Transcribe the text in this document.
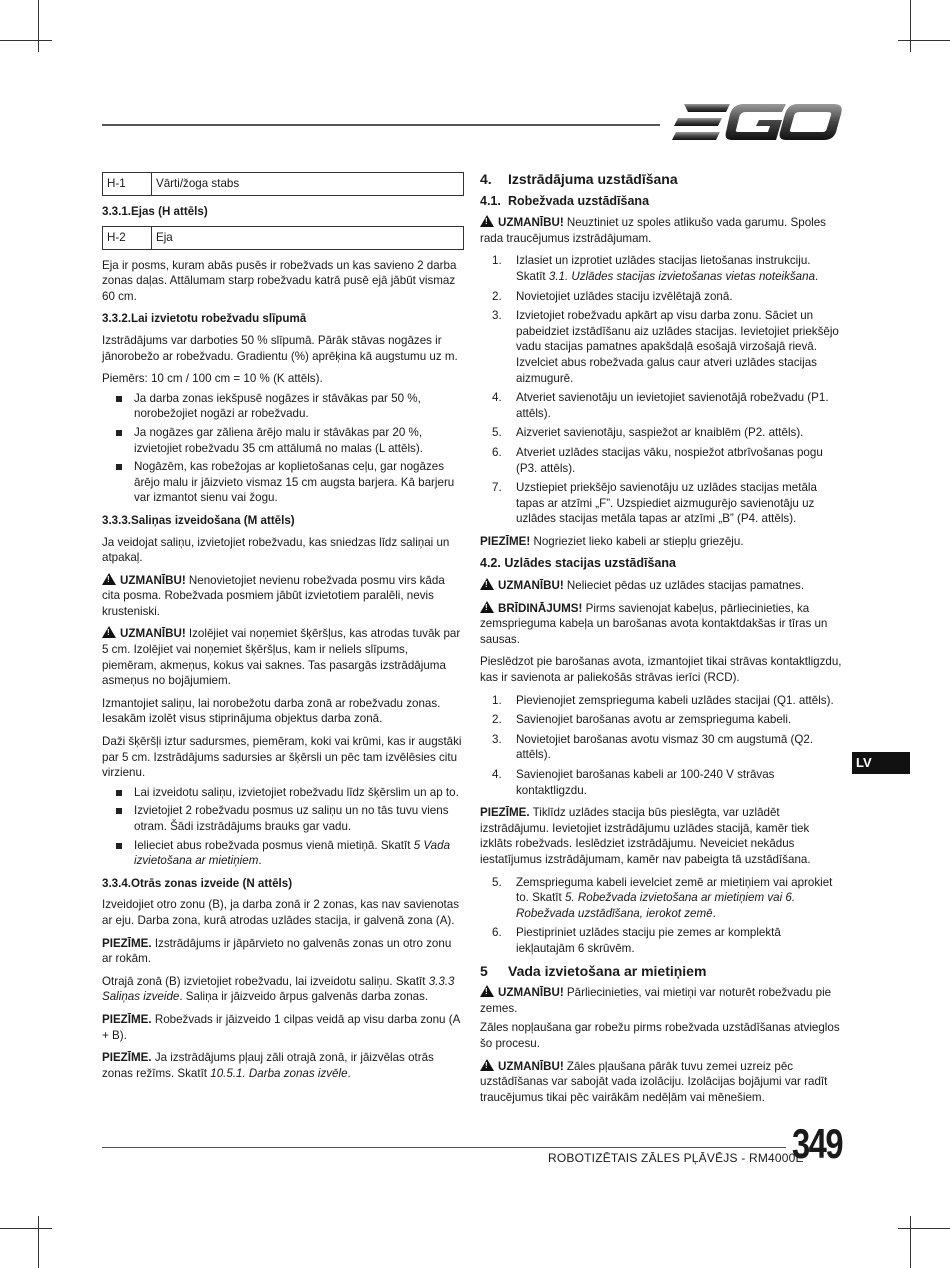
H-1	Vārti/žoga stabs
3.3.1.Ejas (H attēls)
H-2	Eja

Eja ir posms, kuram abās pusēs ir robežvads un kas savieno 2 darba zonas daļas. Attālumam starp robežvadu katrā pusē ejā jābūt vismaz 60 cm.

3.3.2.Lai izvietotu robežvadu slīpumā

Izstrādājums var darboties 50 % slīpumā. Pārāk stāvas nogāzes ir jānorobežo ar robežvadu. Gradientu (%) aprēķina kā augstumu uz m.

Piemērs: 10 cm / 100 cm = 10 % (K attēls).

Ja darba zonas iekšpusē nogāzes ir stāvākas par 50 %, norobežojiet nogāzi ar robežvadu.
Ja nogāzes gar zāliena ārējo malu ir stāvākas par 20 %, izvietojiet robežvadu 35 cm attālumā no malas (L attēls).
Nogāzēm, kas robežojas ar koplietošanas ceļu, gar nogāzes ārējo malu ir jāizvieto vismaz 15 cm augsta barjera. Kā barjeru var izmantot sienu vai žogu.
3.3.3.Saliņas izveidošana (M attēls)

Ja veidojat saliņu, izvietojiet robežvadu, kas sniedzas līdz saliņai un atpakaļ.

!UZMANĪBU! Nenovietojiet nevienu robežvada posmu virs kāda cita posma. Robežvada posmiem jābūt izvietotiem paralēli, nevis krusteniski.

!UZMANĪBU! Izolējiet vai noņemiet šķēršļus, kas atrodas tuvāk par 5 cm. Izolējiet vai noņemiet šķēršļus, kam ir neliels slīpums, piemēram, akmeņus, kokus vai saknes. Tas pasargās izstrādājuma asmeņus no bojājumiem.

Izmantojiet saliņu, lai norobežotu darba zonā ar robežvadu zonas. Iesakām izolēt visus stiprinājuma objektus darba zonā.

Daži šķēršļi iztur sadursmes, piemēram, koki vai krūmi, kas ir augstāki par 5 cm. Izstrādājums sadursies ar šķērsli un pēc tam izvēlēsies citu virzienu.

Lai izveidotu saliņu, izvietojiet robežvadu līdz šķērslim un ap to.
Izvietojiet 2 robežvadu posmus uz saliņu un no tās tuvu viens otram. Šādi izstrādājums brauks gar vadu.
Ielieciet abus robežvada posmus vienā mietiņā. Skatīt 5 Vada izvietošana ar mietiņiem.
3.3.4.Otrās zonas izveide (N attēls)

Izveidojiet otro zonu (B), ja darba zonā ir 2 zonas, kas nav savienotas ar eju. Darba zona, kurā atrodas uzlādes stacija, ir galvenā zona (A).

PIEZĪME. Izstrādājums ir jāpārvieto no galvenās zonas un otro zonu ar rokām.

Otrajā zonā (B) izvietojiet robežvadu, lai izveidotu saliņu. Skatīt 3.3.3 Saliņas izveide. Saliņa ir jāizveido ārpus galvenās darba zonas.

PIEZĪME. Robežvads ir jāizveido 1 cilpas veidā ap visu darba zonu (A + B).

PIEZĪME. Ja izstrādājums pļauj zāli otrajā zonā, ir jāizvēlas otrās zonas režīms. Skatīt 10.5.1. Darba zonas izvēle.

4. Izstrādājuma uzstādīšana
4.1. Robežvada uzstādīšana

!UZMANĪBU! Neuztiniet uz spoles atlikušo vada garumu. Spoles rada traucējumus izstrādājumam.

1. Izlasiet un izprotiet uzlādes stacijas lietošanas instrukciju. Skatīt 3.1. Uzlādes stacijas izvietošanas vietas noteikšana.
2. Novietojiet uzlādes staciju izvēlētajā zonā.
3. Izvietojiet robežvadu apkārt ap visu darba zonu. Sāciet un pabeidziet izstādīšanu aiz uzlādes stacijas. Ievietojiet priekšējo vadu stacijas pamatnes apakšdaļā esošajā virzošajā rievā. Izvelciet abus robežvada galus caur atveri uzlādes stacijas aizmugurē.
4. Atveriet savienotāju un ievietojiet savienotājā robežvadu (P1. attēls).
5. Aizveriet savienotāju, saspiežot ar knaiblēm (P2. attēls).
6. Atveriet uzlādes stacijas vāku, nospiežot atbrīvošanas pogu (P3. attēls).
7. Uzstiepiet priekšējo savienotāju uz uzlādes stacijas metāla tapas ar atzīmi „F”. Uzspiediet aizmugurējo savienotāju uz uzlādes stacijas metāla tapas ar atzīmi „B” (P4. attēls).

PIEZĪME! Nogrieziet lieko kabeli ar stiepļu griezēju.

4.2. Uzlādes stacijas uzstādīšana

!UZMANĪBU! Nelieciet pēdas uz uzlādes stacijas pamatnes.

!BRĪDINĀJUMS! Pirms savienojat kabeļus, pārliecinieties, ka zemsprieguma kabeļa un barošanas avota kontaktdakšas ir tīras un sausas.

Pieslēdzot pie barošanas avota, izmantojiet tikai strāvas kontaktligzdu, kas ir savienota ar paliekošās strāvas ierīci (RCD).

1. Pievienojiet zemsprieguma kabeli uzlādes stacijai (Q1. attēls).
2. Savienojiet barošanas avotu ar zemsprieguma kabeli.
3. Novietojiet barošanas avotu vismaz 30 cm augstumā (Q2. attēls).
4. Savienojiet barošanas kabeli ar 100-240 V strāvas kontaktligzdu.

PIEZĪME. Tiklīdz uzlādes stacija būs pieslēgta, var uzlādēt izstrādājumu. Ievietojiet izstrādājumu uzlādes stacijā, kamēr tiek izklāts robežvads. Ieslēdziet izstrādājumu. Neveiciet nekādus iestatījumus izstrādājumam, kamēr nav pabeigta tā uzstādīšana.

5. Zemsprieguma kabeli ievelciet zemē ar mietiņiem vai aprokiet to. Skatīt 5. Robežvada izvietošana ar mietiņiem vai 6. Robežvada uzstādīšana, ierokot zemē.
6. Piestipriniet uzlādes staciju pie zemes ar komplektā iekļautajām 6 skrūvēm.
5 Vada izvietošana ar mietiņiem

!UZMANĪBU! Pārliecinieties, vai mietiņi var noturēt robežvadu pie zemes.

Zāles nopļaušana gar robežu pirms robežvada uzstādīšanas atvieglos šo procesu.

!UZMANĪBU! Zāles pļaušana pārāk tuvu zemei uzreiz pēc uzstādīšanas var sabojāt vada izolāciju. Izolācijas bojājumi var radīt traucējumus tikai pēc vairākām nedēļām vai mēnešiem.

LV
ROBOTIZĒTAIS ZĀLES PĻĀVĒJS - RM4000E
349
